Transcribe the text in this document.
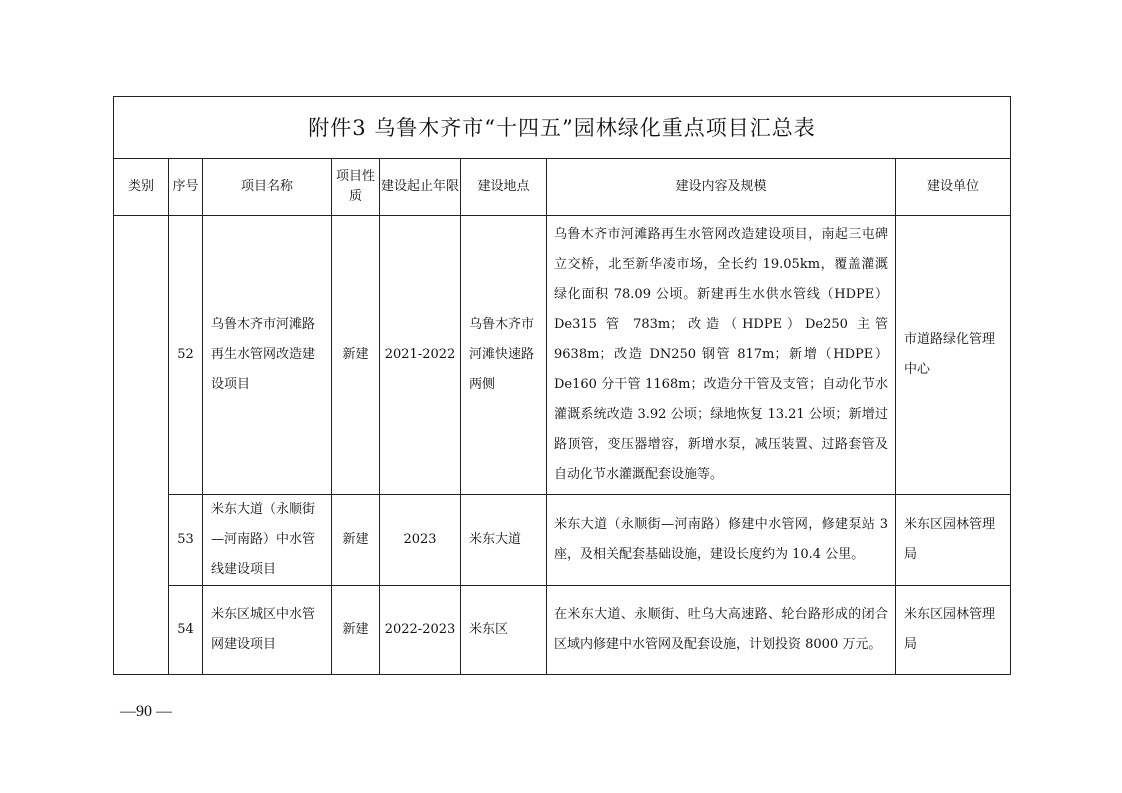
附件3 乌鲁木齐市“十四五”园林绿化重点项目汇总表							
类别	序号	项目名称	项目性质	建设起止年限	建设地点	建设内容及规模	建设单位
	52	乌鲁木齐市河滩路再生水管网改造建设项目	新建	2021-2022	乌鲁木齐市河滩快速路两侧	乌鲁木齐市河滩路再生水管网改造建设项目，南起三屯碑立交桥，北至新华凌市场，全长约 19.05km，覆盖灌溉绿化面积 78.09 公顷。新建再生水供水管线（HDPE）De315 管 783m；改造（HDPE）De250 主管 9638m；改造 DN250 钢管 817m；新增（HDPE）De160 分干管 1168m；改造分干管及支管；自动化节水灌溉系统改造 3.92 公顷；绿地恢复 13.21 公顷；新增过路顶管，变压器增容，新增水泵，减压装置、过路套管及自动化节水灌溉配套设施等。	市道路绿化管理中心
	53	米东大道（永顺街—河南路）中水管线建设项目	新建	2023	米东大道	米东大道（永顺街—河南路）修建中水管网，修建泵站 3 座，及相关配套基础设施，建设长度约为 10.4 公里。	米东区园林管理局
	54	米东区城区中水管网建设项目	新建	2022-2023	米东区	在米东大道、永顺街、吐乌大高速路、轮台路形成的闭合区域内修建中水管网及配套设施，计划投资 8000 万元。	米东区园林管理局
—90 —
